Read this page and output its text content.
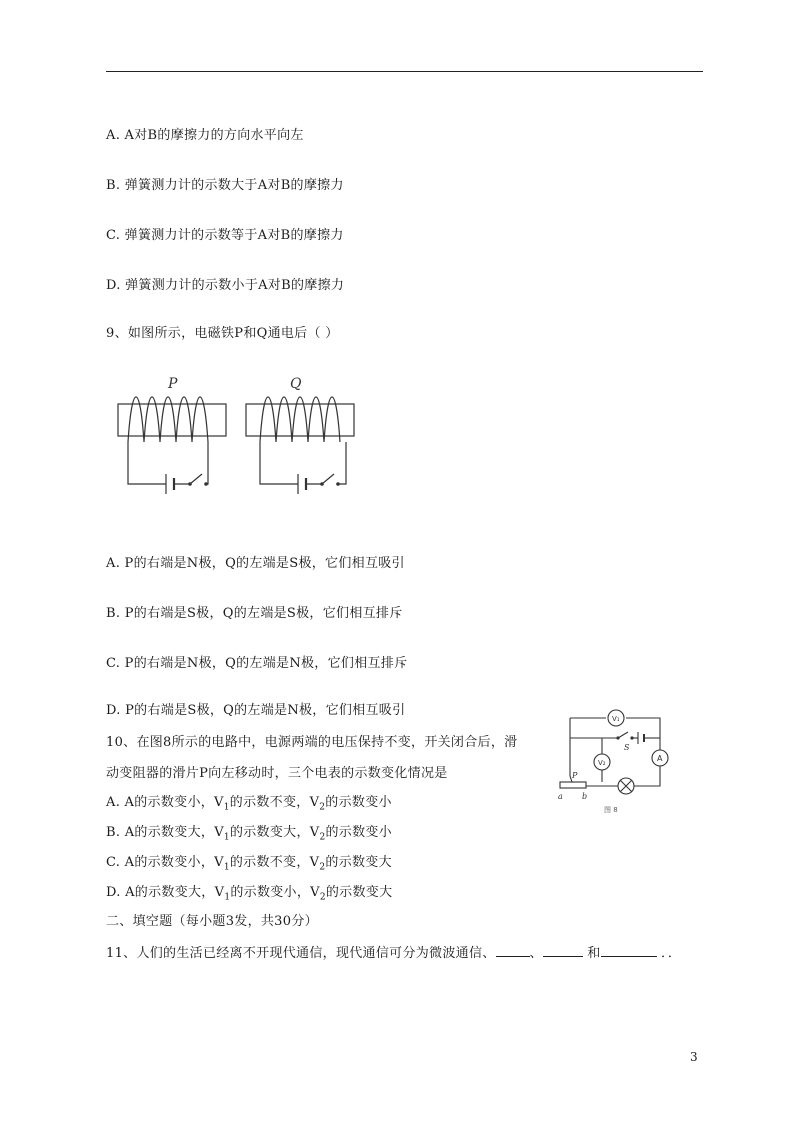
A. A对B的摩擦力的方向水平向左
B. 弹簧测力计的示数大于A对B的摩擦力
C. 弹簧测力计的示数等于A对B的摩擦力
D. 弹簧测力计的示数小于A对B的摩擦力
9、如图所示，电磁铁P和Q通电后（ ）
P	Q
A. P的右端是N极，Q的左端是S极，它们相互吸引
B. P的右端是S极，Q的左端是S极，它们相互排斥
C. P的右端是N极，Q的左端是N极，它们相互排斥
D. P的右端是S极，Q的左端是N极，它们相互吸引
10、在图8所示的电路中，电源两端的电压保持不变，开关闭合后，滑
动变阻器的滑片P向左移动时，三个电表的示数变化情况是
A. A的示数变小，$V_1$的示数不变，$V_2$的示数变小
B. A的示数变大，$V_1$的示数变大，$V_2$的示数变小
C. A的示数变小，$V_1$的示数不变，$V_2$的示数变大
D. A的示数变大，$V_1$的示数变小，$V_2$的示数变大
V₁
V₂	A
S
P
a b
图 8
二、填空题（每小题3发，共30分）
11、人们的生活已经离不开现代通信，现代通信可分为微波通信、	、	和	．．
3
